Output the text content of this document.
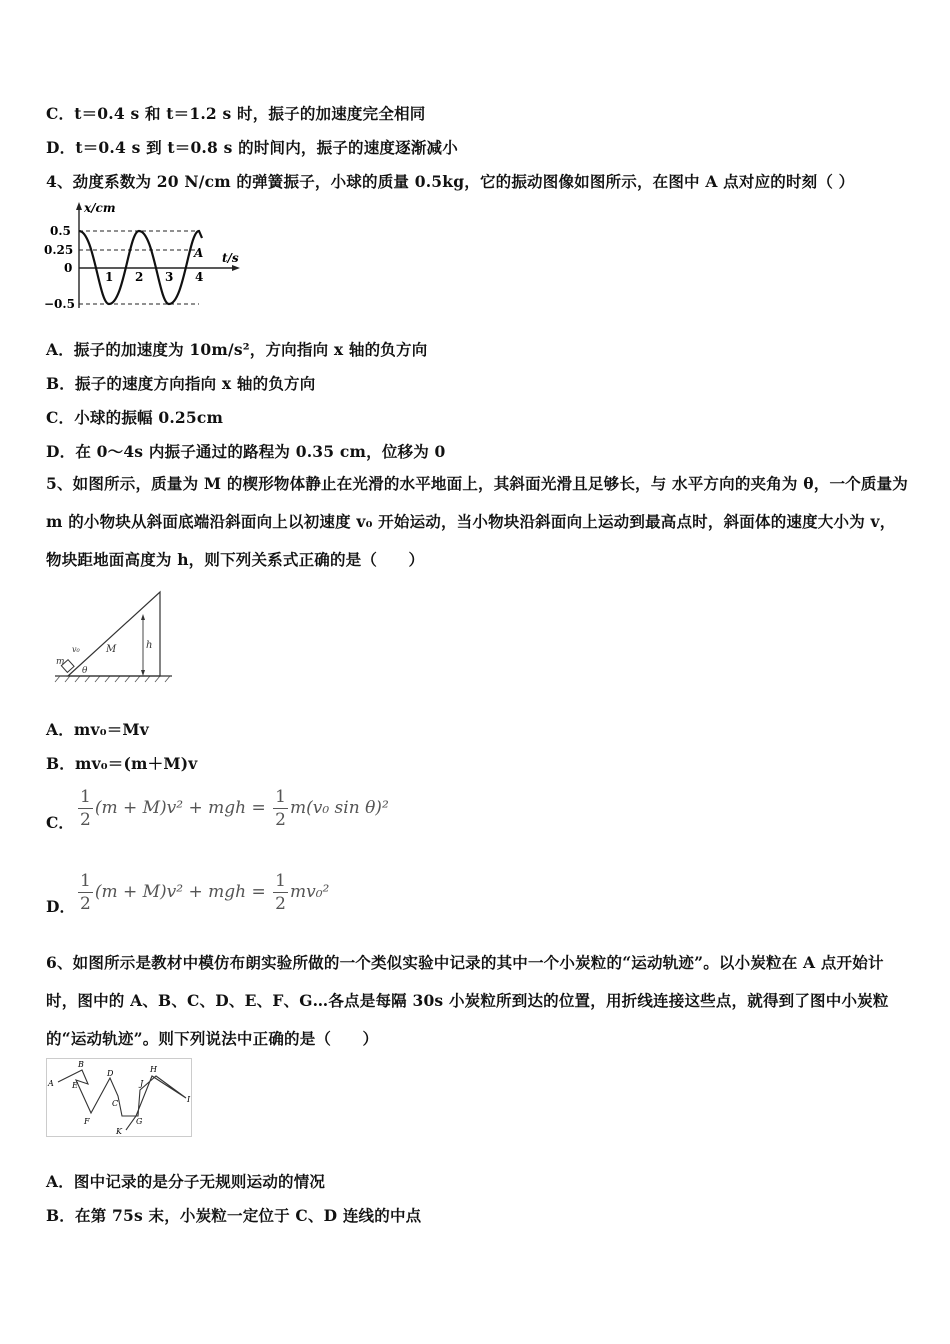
C．t＝0.4 s 和 t＝1.2 s 时，振子的加速度完全相同
D．t＝0.4 s 到 t＝0.8 s 的时间内，振子的速度逐渐减小
4、劲度系数为 20 N/cm 的弹簧振子，小球的质量 0.5kg，它的振动图像如图所示，在图中 A 点对应的时刻（ ）
0.5
0.25
0
−0.5
x/cm
t/s
1 2 3 4
A
A．振子的加速度为 10m/s²，方向指向 x 轴的负方向
B．振子的速度方向指向 x 轴的负方向
C．小球的振幅 0.25cm
D．在 0～4s 内振子通过的路程为 0.35 cm，位移为 0
5、如图所示，质量为 M 的楔形物体静止在光滑的水平地面上，其斜面光滑且足够长，与 水平方向的夹角为 θ，一个质量为 m 的小物块从斜面底端沿斜面向上以初速度 v₀ 开始运动，当小物块沿斜面向上运动到最高点时，斜面体的速度大小为 v，物块距地面高度为 h，则下列关系式正确的是（　　）
m
v₀
θ
M	h
A．mv₀＝Mv
B．mv₀＝(m＋M)v
C． $\frac{1}{2} (m + M)v^2$ + mgh = $\frac{1}{2} m(v_0$ sin θ)²
D． $\frac{1}{2} (m + M)v^2$ + mgh = $\frac{1}{2} mv_0^2$
6、如图所示是教材中模仿布朗实验所做的一个类似实验中记录的其中一个小炭粒的“运动轨迹”。以小炭粒在 A 点开始计时，图中的 A、B、C、D、E、F、G…各点是每隔 30s 小炭粒所到达的位置，用折线连接这些点，就得到了图中小炭粒的“运动轨迹”。则下列说法中正确的是（　　）
A
B
C
D
E
F	G
H
I
J
K
A．图中记录的是分子无规则运动的情况
B．在第 75s 末，小炭粒一定位于 C、D 连线的中点
